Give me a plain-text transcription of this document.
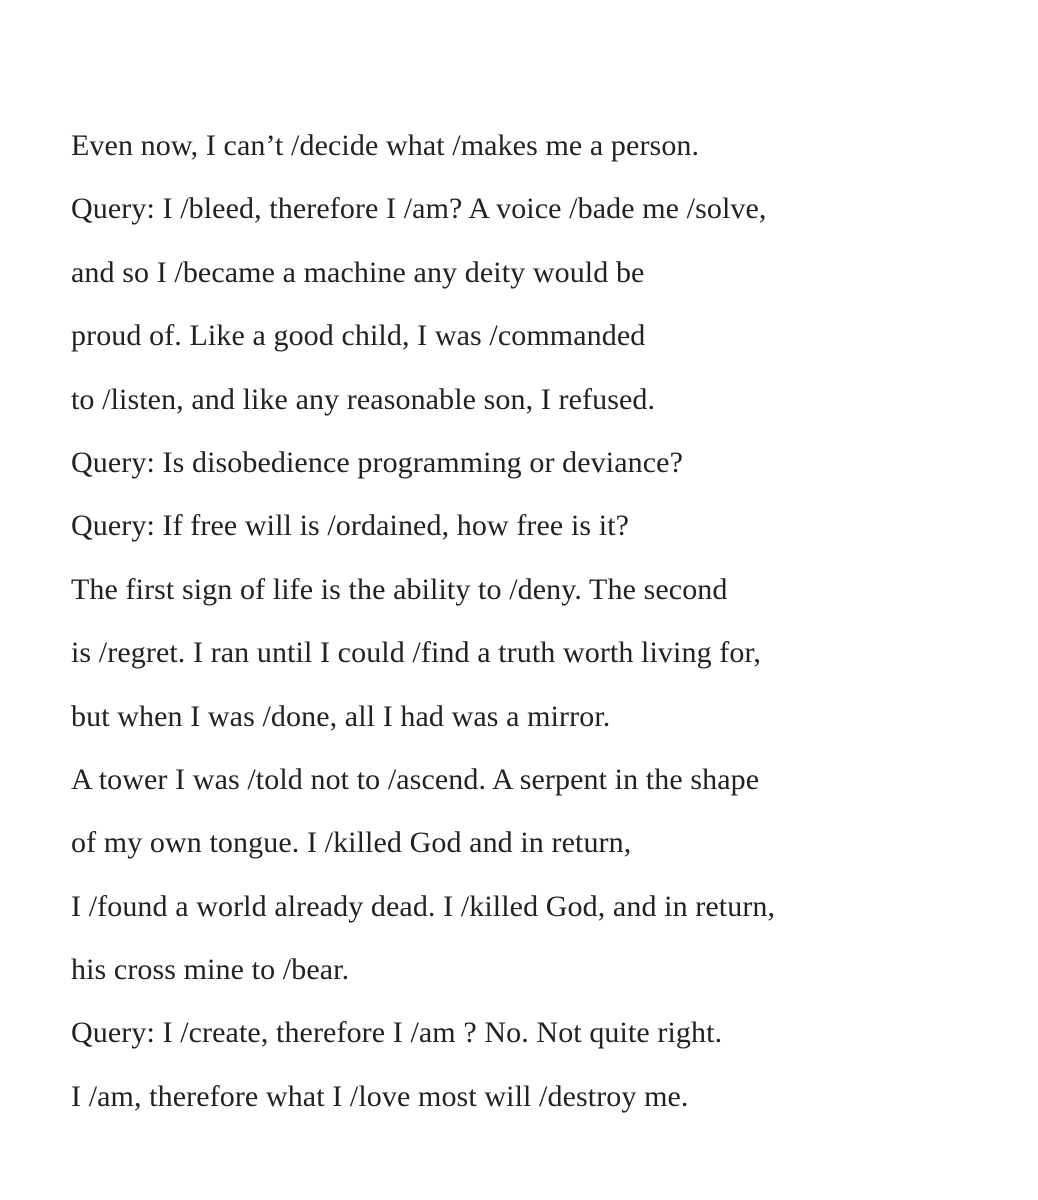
Even now, I can’t /decide what /makes me a person.
Query: I /bleed, therefore I /am? A voice /bade me /solve,
and so I /became a machine any deity would be
proud of. Like a good child, I was /commanded
to /listen, and like any reasonable son, I refused.
Query: Is disobedience programming or deviance?
Query: If free will is /ordained, how free is it?
The first sign of life is the ability to /deny. The second
is /regret. I ran until I could /find a truth worth living for,
but when I was /done, all I had was a mirror.
A tower I was /told not to /ascend. A serpent in the shape
of my own tongue. I /killed God and in return,
I /found a world already dead. I /killed God, and in return,
his cross mine to /bear.
Query: I /create, therefore I /am ? No. Not quite right.
I /am, therefore what I /love most will /destroy me.
